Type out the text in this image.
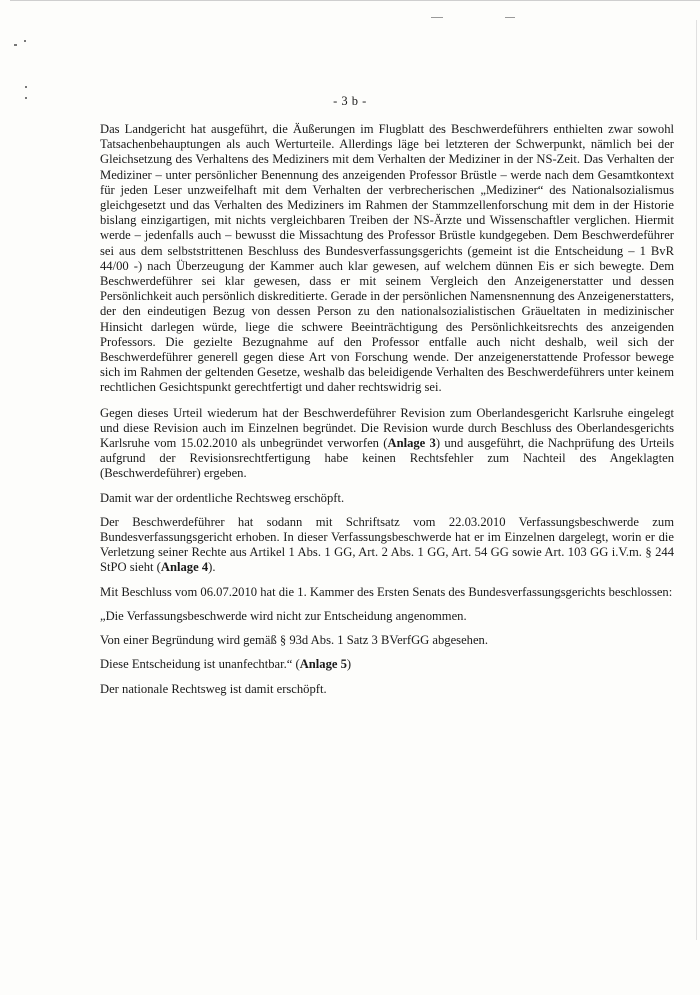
- 3 b -

Das Landgericht hat ausgeführt, die Äußerungen im Flugblatt des Beschwerdeführers enthielten zwar sowohl Tatsachenbehauptungen als auch Werturteile. Allerdings läge bei letzteren der Schwerpunkt, nämlich bei der Gleichsetzung des Verhaltens des Mediziners mit dem Verhalten der Mediziner in der NS-Zeit. Das Verhalten der Mediziner – unter persönlicher Benennung des anzeigenden Professor Brüstle – werde nach dem Gesamtkontext für jeden Leser unzweifelhaft mit dem Verhalten der verbrecherischen „Mediziner“ des Nationalsozialismus gleichgesetzt und das Verhalten des Mediziners im Rahmen der Stammzellenforschung mit dem in der Historie bislang einzigartigen, mit nichts vergleichbaren Treiben der NS-Ärzte und Wissenschaftler verglichen. Hiermit werde – jedenfalls auch – bewusst die Missachtung des Professor Brüstle kundgegeben. Dem Beschwerdeführer sei aus dem selbststrittenen Beschluss des Bundesverfassungsgerichts (gemeint ist die Entscheidung – 1 BvR 44/00 -) nach Überzeugung der Kammer auch klar gewesen, auf welchem dünnen Eis er sich bewegte. Dem Beschwerdeführer sei klar gewesen, dass er mit seinem Vergleich den Anzeigenerstatter und dessen Persönlichkeit auch persönlich diskreditierte. Gerade in der persönlichen Namensnennung des Anzeigenerstatters, der den eindeutigen Bezug von dessen Person zu den nationalsozialistischen Gräueltaten in medizinischer Hinsicht darlegen würde, liege die schwere Beeinträchtigung des Persönlichkeitsrechts des anzeigenden Professors. Die gezielte Bezugnahme auf den Professor entfalle auch nicht deshalb, weil sich der Beschwerdeführer generell gegen diese Art von Forschung wende. Der anzeigenerstattende Professor bewege sich im Rahmen der geltenden Gesetze, weshalb das beleidigende Verhalten des Beschwerdeführers unter keinem rechtlichen Gesichtspunkt gerechtfertigt und daher rechtswidrig sei.

Gegen dieses Urteil wiederum hat der Beschwerdeführer Revision zum Oberlandesgericht Karlsruhe eingelegt und diese Revision auch im Einzelnen begründet. Die Revision wurde durch Beschluss des Oberlandesgerichts Karlsruhe vom 15.02.2010 als unbegründet verworfen (Anlage 3) und ausgeführt, die Nachprüfung des Urteils aufgrund der Revisionsrechtfertigung habe keinen Rechtsfehler zum Nachteil des Angeklagten (Beschwerdeführer) ergeben.

Damit war der ordentliche Rechtsweg erschöpft.

Der Beschwerdeführer hat sodann mit Schriftsatz vom 22.03.2010 Verfassungsbeschwerde zum Bundesverfassungsgericht erhoben. In dieser Verfassungsbeschwerde hat er im Einzelnen dargelegt, worin er die Verletzung seiner Rechte aus Artikel 1 Abs. 1 GG, Art. 2 Abs. 1 GG, Art. 54 GG sowie Art. 103 GG i.V.m. § 244 StPO sieht (Anlage 4).

Mit Beschluss vom 06.07.2010 hat die 1. Kammer des Ersten Senats des Bundesverfassungsgerichts beschlossen:

„Die Verfassungsbeschwerde wird nicht zur Entscheidung angenommen.

Von einer Begründung wird gemäß § 93d Abs. 1 Satz 3 BVerfGG abgesehen.

Diese Entscheidung ist unanfechtbar.“ (Anlage 5)

Der nationale Rechtsweg ist damit erschöpft.
